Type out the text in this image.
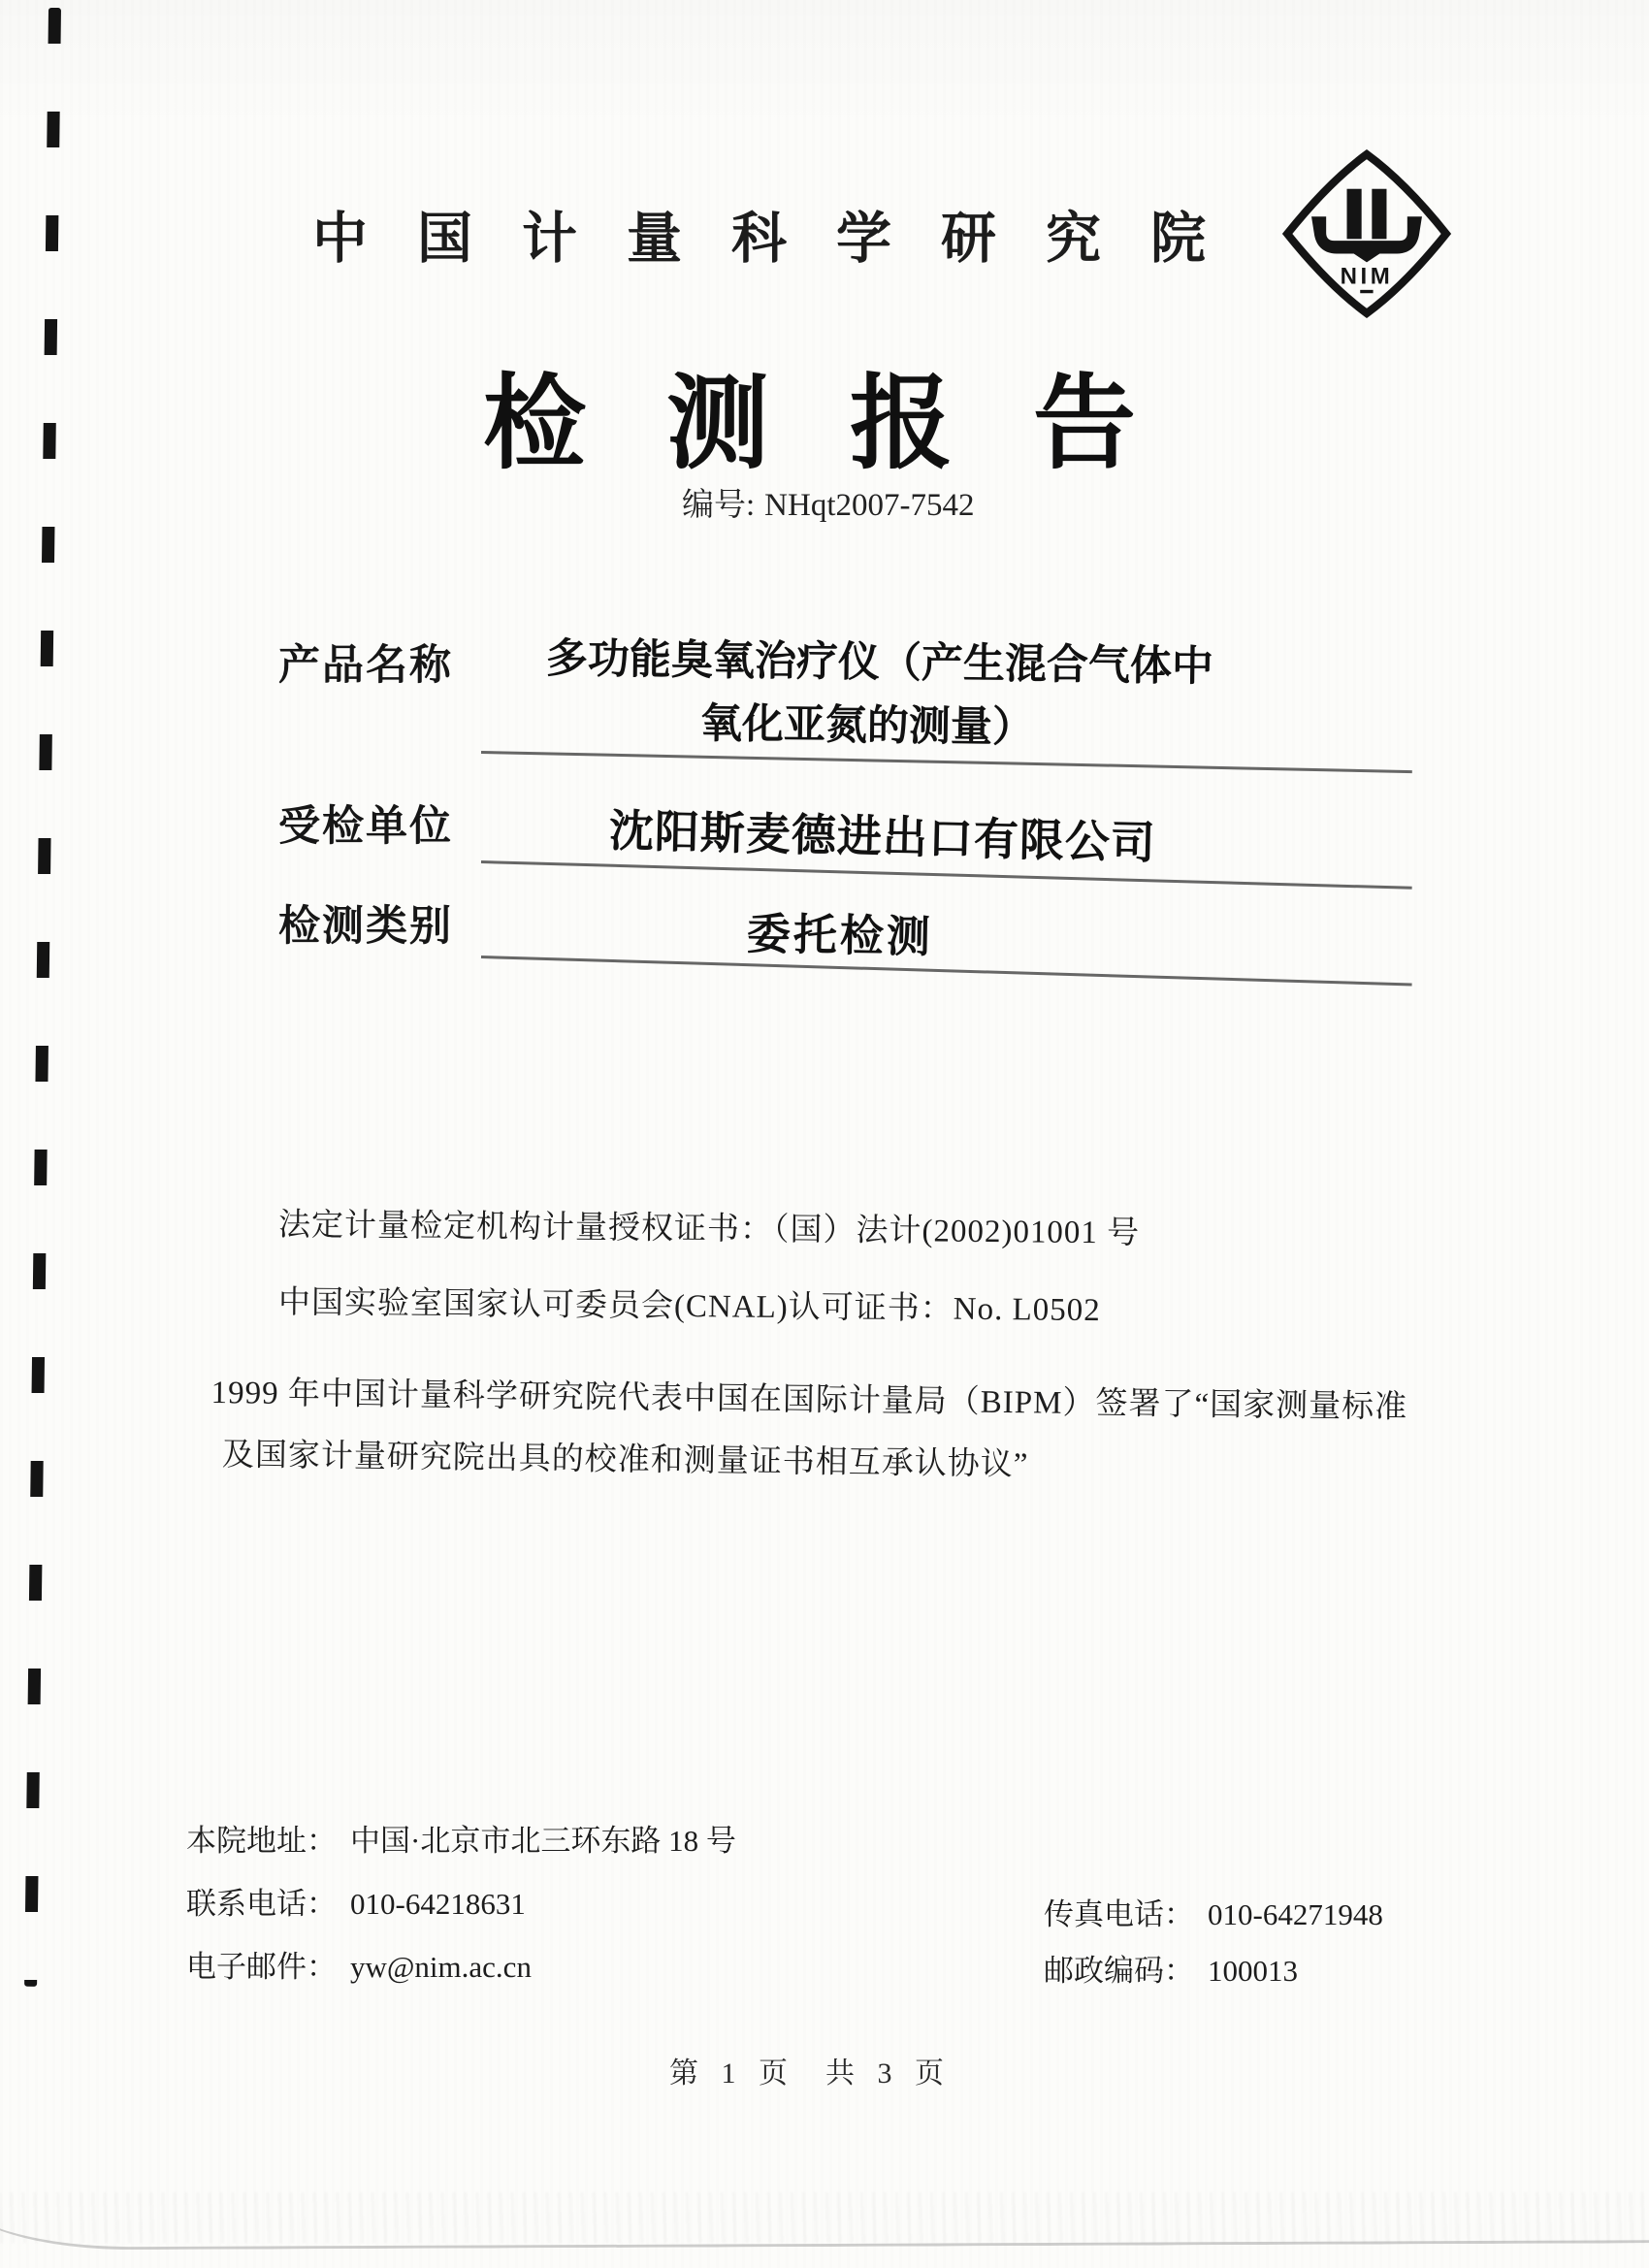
中国计量科学研究院
NIM
检测报告
编号: NHqt2007-7542
产品名称 多功能臭氧治疗仪（产生混合气体中
氧化亚氮的测量）
受检单位	沈阳斯麦德进出口有限公司
检测类别	委托检测
法定计量检定机构计量授权证书：（国）法计(2002)01001 号
中国实验室国家认可委员会(CNAL)认可证书：No. L0502
1999 年中国计量科学研究院代表中国在国际计量局（BIPM）签署了“国家测量标准
及国家计量研究院出具的校准和测量证书相互承认协议”
本院地址： 中国·北京市北三环东路 18 号
联系电话： 010-64218631
电子邮件： yw@nim.ac.cn
传真电话： 010-64271948
邮政编码： 100013
第 1 页  共 3 页
